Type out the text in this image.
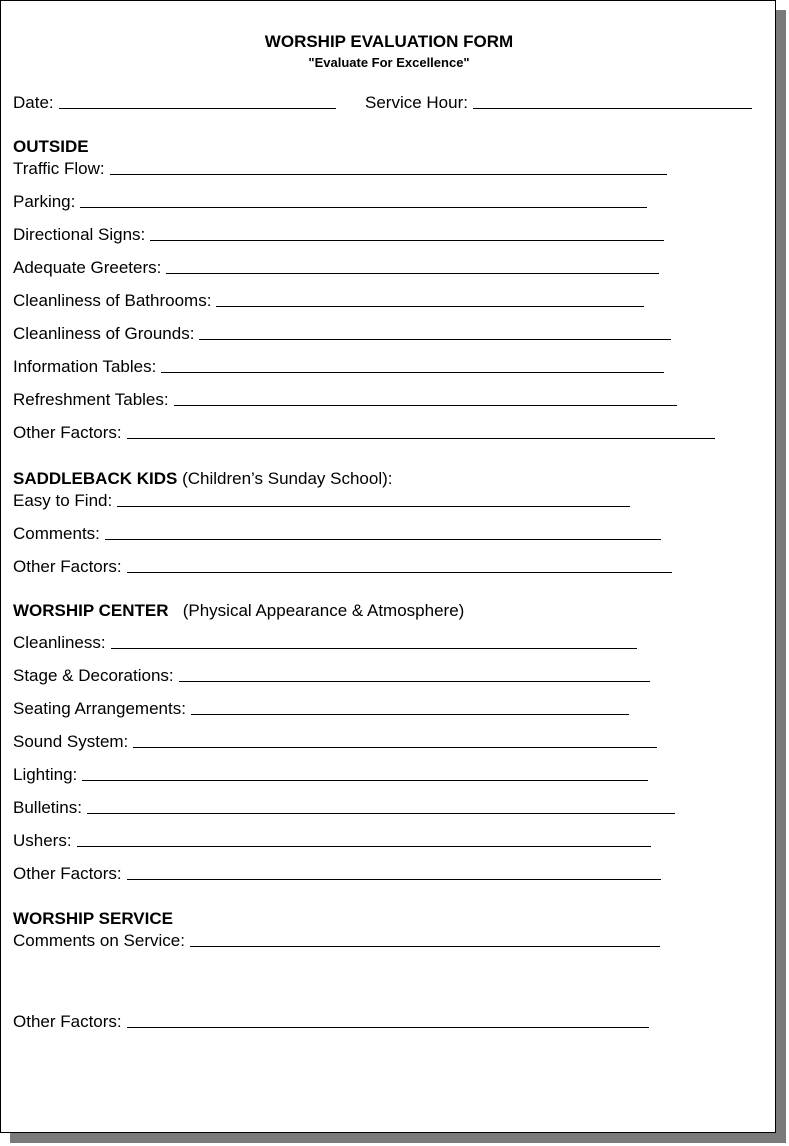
WORSHIP EVALUATION FORM
"Evaluate For Excellence"
Date:	Service Hour:
OUTSIDE
Traffic Flow:
Parking:
Directional Signs:
Adequate Greeters:
Cleanliness of Bathrooms:
Cleanliness of Grounds:
Information Tables:
Refreshment Tables:
Other Factors:
SADDLEBACK KIDS (Children’s Sunday School):
Easy to Find:
Comments:
Other Factors:
WORSHIP CENTER (Physical Appearance & Atmosphere)
Cleanliness:
Stage & Decorations:
Seating Arrangements:
Sound System:
Lighting:
Bulletins:
Ushers:
Other Factors:
WORSHIP SERVICE
Comments on Service:
Other Factors:
